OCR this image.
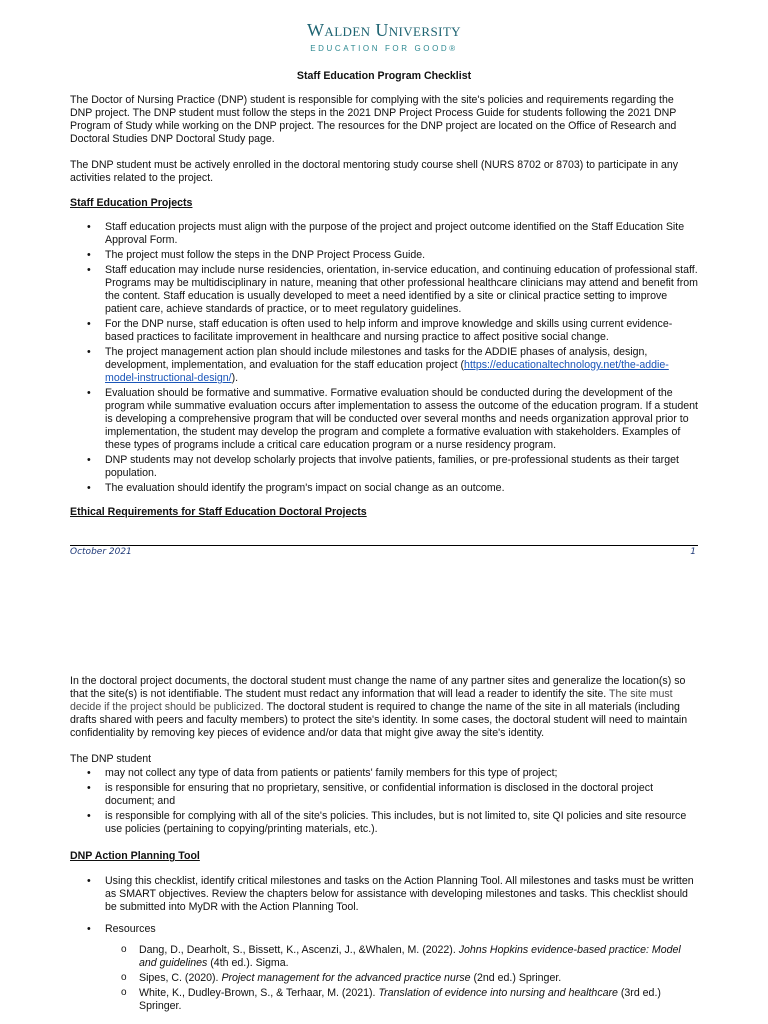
Walden University
EDUCATION FOR GOOD®
Staff Education Program Checklist

The Doctor of Nursing Practice (DNP) student is responsible for complying with the site's policies and requirements regarding the DNP project. The DNP student must follow the steps in the 2021 DNP Project Process Guide for students following the 2021 DNP Program of Study while working on the DNP project. The resources for the DNP project are located on the Office of Research and Doctoral Studies DNP Doctoral Study page.

The DNP student must be actively enrolled in the doctoral mentoring study course shell (NURS 8702 or 8703) to participate in any activities related to the project.

Staff Education Projects

• Staff education projects must align with the purpose of the project and project outcome identified on the Staff Education Site Approval Form.
• The project must follow the steps in the DNP Project Process Guide.
• Staff education may include nurse residencies, orientation, in-service education, and continuing education of professional staff. Programs may be multidisciplinary in nature, meaning that other professional healthcare clinicians may attend and benefit from the content. Staff education is usually developed to meet a need identified by a site or clinical practice setting to improve patient care, achieve standards of practice, or to meet regulatory guidelines.
• For the DNP nurse, staff education is often used to help inform and improve knowledge and skills using current evidence-based practices to facilitate improvement in healthcare and nursing practice to affect positive social change.
• The project management action plan should include milestones and tasks for the ADDIE phases of analysis, design, development, implementation, and evaluation for the staff education project (https://educationaltechnology.net/the-addie-model-instructional-design/).
• Evaluation should be formative and summative. Formative evaluation should be conducted during the development of the program while summative evaluation occurs after implementation to assess the outcome of the education program. If a student is developing a comprehensive program that will be conducted over several months and needs organization approval prior to implementation, the student may develop the program and complete a formative evaluation with stakeholders. Examples of these types of programs include a critical care education program or a nurse residency program.
• DNP students may not develop scholarly projects that involve patients, families, or pre-professional students as their target population.
• The evaluation should identify the program's impact on social change as an outcome.

Ethical Requirements for Staff Education Doctoral Projects

October 2021	1

In the doctoral project documents, the doctoral student must change the name of any partner sites and generalize the location(s) so that the site(s) is not identifiable. The student must redact any information that will lead a reader to identify the site. The site must decide if the project should be publicized. The doctoral student is required to change the name of the site in all materials (including drafts shared with peers and faculty members) to protect the site's identity. In some cases, the doctoral student will need to maintain confidentiality by removing key pieces of evidence and/or data that might give away the site's identity.

The DNP student

• may not collect any type of data from patients or patients' family members for this type of project;
• is responsible for ensuring that no proprietary, sensitive, or confidential information is disclosed in the doctoral project document; and
• is responsible for complying with all of the site's policies. This includes, but is not limited to, site QI policies and site resource use policies (pertaining to copying/printing materials, etc.).

DNP Action Planning Tool

• Using this checklist, identify critical milestones and tasks on the Action Planning Tool. All milestones and tasks must be written as SMART objectives. Review the chapters below for assistance with developing milestones and tasks. This checklist should be submitted into MyDR with the Action Planning Tool.
• Resources
o Dang, D., Dearholt, S., Bissett, K., Ascenzi, J., &Whalen, M. (2022). Johns Hopkins evidence-based practice: Model and guidelines (4th ed.). Sigma.
o Sipes, C. (2020). Project management for the advanced practice nurse (2nd ed.) Springer.
o White, K., Dudley-Brown, S., & Terhaar, M. (2021). Translation of evidence into nursing and healthcare (3rd ed.) Springer.
